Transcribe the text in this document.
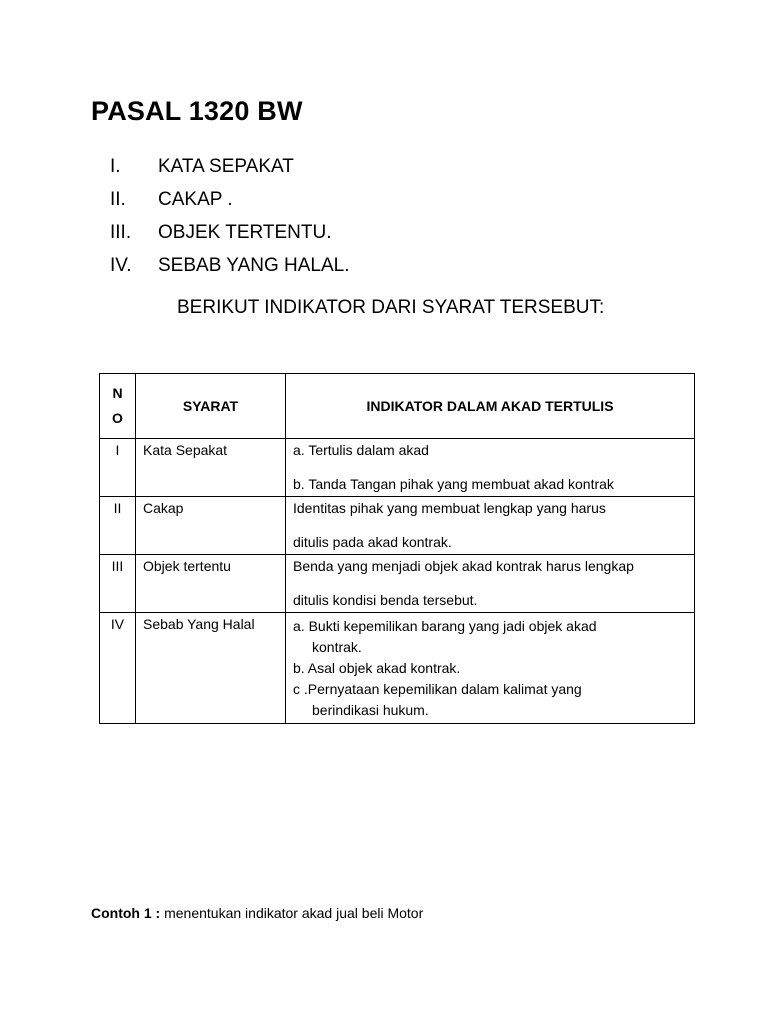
PASAL 1320 BW
I.	KATA SEPAKAT
II.	CAKAP .
III.	OBJEK TERTENTU.
IV.	SEBAB YANG HALAL.
BERIKUT INDIKATOR DARI SYARAT TERSEBUT:
NO	SYARAT	INDIKATOR DALAM AKAD TERTULIS
I	Kata Sepakat	a. Tertulis dalam akad
b. Tanda Tangan pihak yang membuat akad kontrak

II	Cakap	Identitas pihak yang membuat lengkap yang harus
ditulis pada akad kontrak.

III	Objek tertentu	Benda yang menjadi objek akad kontrak harus lengkap
ditulis kondisi benda tersebut.

IV	Sebab Yang Halal	a. Bukti kepemilikan barang yang jadi objek akad
kontrak.
b. Asal objek akad kontrak.
c .Pernyataan kepemilikan dalam kalimat yang
berindikasi hukum.
Contoh 1 : menentukan indikator akad jual beli Motor
